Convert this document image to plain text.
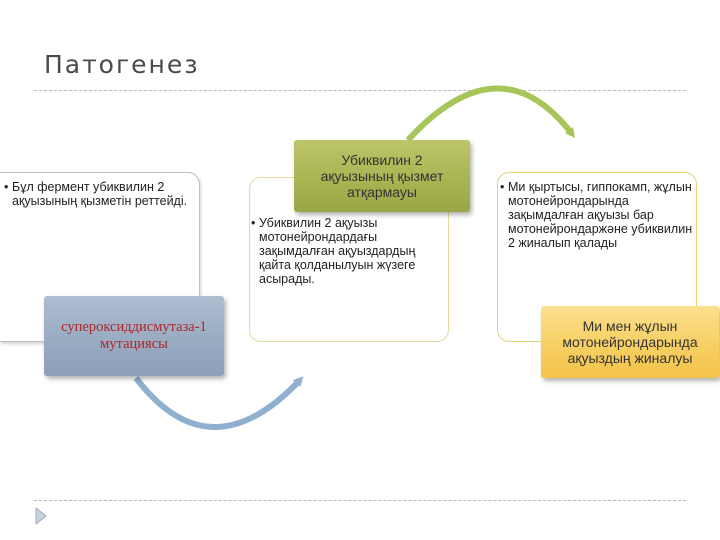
Патогенез
• Бұл фермент убиквилин 2 ақуызының қызметін реттейді.
• Убиквилин 2 ақуызы мотонейрондардағы зақымдалған ақуыздардың қайта қолданылуын жүзеге асырады.
• Ми қыртысы, гиппокамп, жұлын мотонейрондарында зақымдалған ақуызы бар мотонейрондаржәне убиквилин 2 жиналып қалады
Убиквилин 2 ақуызының қызмет атқармауы
супероксиддисмутаза-1 мутациясы
Ми мен жұлын мотонейрондарында ақуыздың жиналуы
